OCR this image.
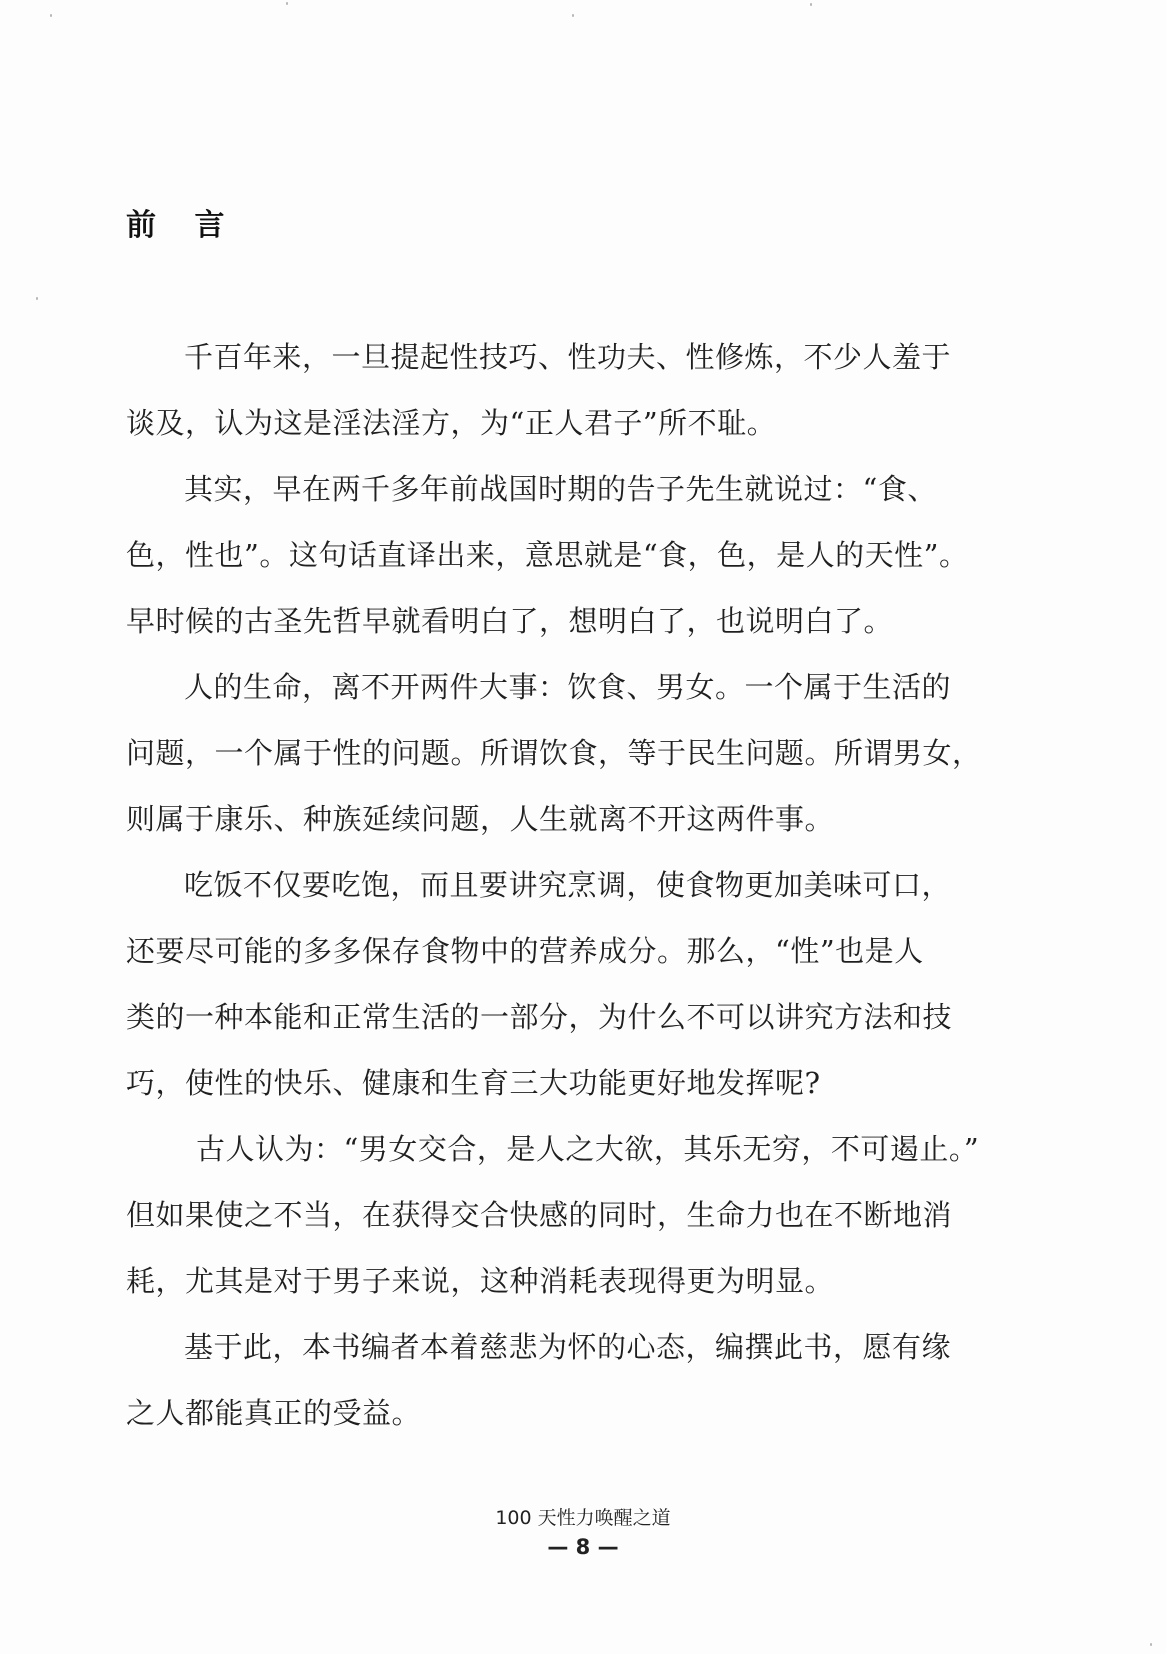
前 言
千百年来，一旦提起性技巧、性功夫、性修炼，不少人羞于
谈及，认为这是淫法淫方，为“正人君子”所不耻。
其实，早在两千多年前战国时期的告子先生就说过：“食、
色，性也”。这句话直译出来，意思就是“食，色，是人的天性”。
早时候的古圣先哲早就看明白了，想明白了，也说明白了。
人的生命，离不开两件大事：饮食、男女。一个属于生活的
问题，一个属于性的问题。所谓饮食，等于民生问题。所谓男女，
则属于康乐、种族延续问题，人生就离不开这两件事。
吃饭不仅要吃饱，而且要讲究烹调，使食物更加美味可口，
还要尽可能的多多保存食物中的营养成分。那么，“性”也是人
类的一种本能和正常生活的一部分，为什么不可以讲究方法和技
巧，使性的快乐、健康和生育三大功能更好地发挥呢?
古人认为：“男女交合，是人之大欲，其乐无穷，不可遏止。”
但如果使之不当，在获得交合快感的同时，生命力也在不断地消
耗，尤其是对于男子来说，这种消耗表现得更为明显。
基于此，本书编者本着慈悲为怀的心态，编撰此书，愿有缘
之人都能真正的受益。
100 天性力唤醒之道
— 8 —
